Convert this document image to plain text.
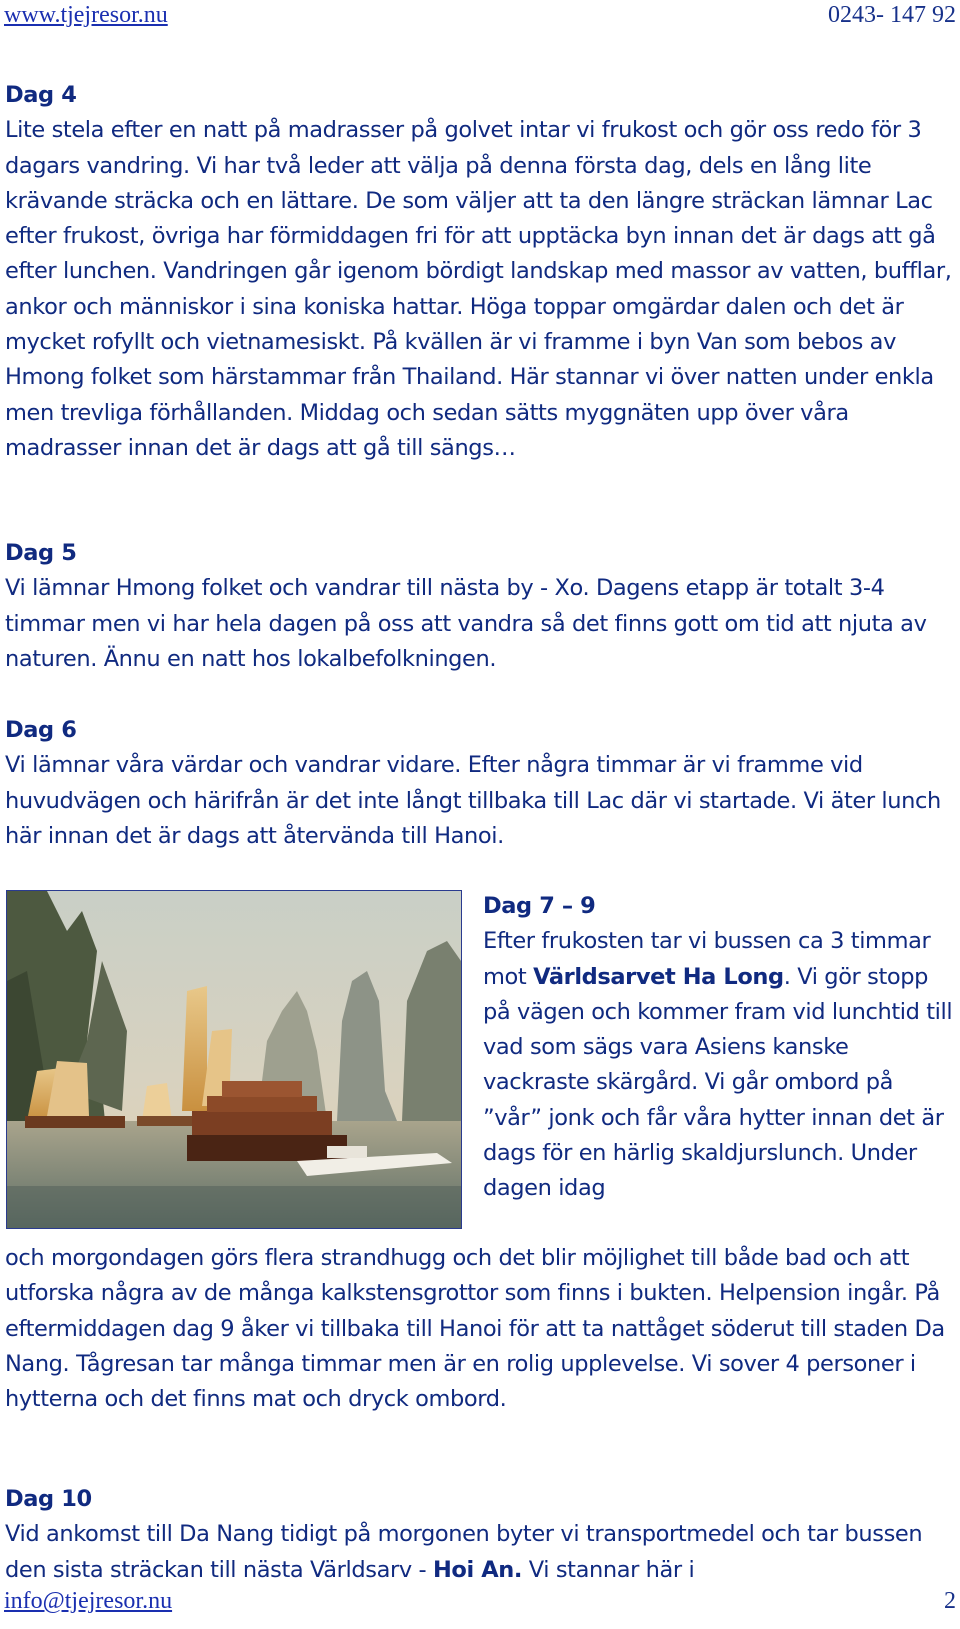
www.tjejresor.nu	0243- 147 92
Dag 4

Lite stela efter en natt på madrasser på golvet intar vi frukost och gör oss redo för 3 dagars vandring. Vi har två leder att välja på denna första dag, dels en lång lite krävande sträcka och en lättare. De som väljer att ta den längre sträckan lämnar Lac efter frukost, övriga har förmiddagen fri för att upptäcka byn innan det är dags att gå efter lunchen. Vandringen går igenom bördigt landskap med massor av vatten, bufflar, ankor och människor i sina koniska hattar. Höga toppar omgärdar dalen och det är mycket rofyllt och vietnamesiskt. På kvällen är vi framme i byn Van som bebos av Hmong folket som härstammar från Thailand. Här stannar vi över natten under enkla men trevliga förhållanden. Middag och sedan sätts myggnäten upp över våra madrasser innan det är dags att gå till sängs…

Dag 5

Vi lämnar Hmong folket och vandrar till nästa by - Xo. Dagens etapp är totalt 3-4 timmar men vi har hela dagen på oss att vandra så det finns gott om tid att njuta av naturen. Ännu en natt hos lokalbefolkningen.

Dag 6

Vi lämnar våra värdar och vandrar vidare. Efter några timmar är vi framme vid huvudvägen och härifrån är det inte långt tillbaka till Lac där vi startade. Vi äter lunch här innan det är dags att återvända till Hanoi.

Dag 7 – 9

Efter frukosten tar vi bussen ca 3 timmar mot Världsarvet Ha Long. Vi gör stopp på vägen och kommer fram vid lunchtid till vad som sägs vara Asiens kanske vackraste skärgård. Vi går ombord på ”vår” jonk och får våra hytter innan det är dags för en härlig skaldjurslunch. Under dagen idag

och morgondagen görs flera strandhugg och det blir möjlighet till både bad och att utforska några av de många kalkstensgrottor som finns i bukten. Helpension ingår. På eftermiddagen dag 9 åker vi tillbaka till Hanoi för att ta nattåget söderut till staden Da Nang. Tågresan tar många timmar men är en rolig upplevelse. Vi sover 4 personer i hytterna och det finns mat och dryck ombord.

Dag 10

Vid ankomst till Da Nang tidigt på morgonen byter vi transportmedel och tar bussen den sista sträckan till nästa Världsarv - Hoi An. Vi stannar här i

info@tjejresor.nu	2
